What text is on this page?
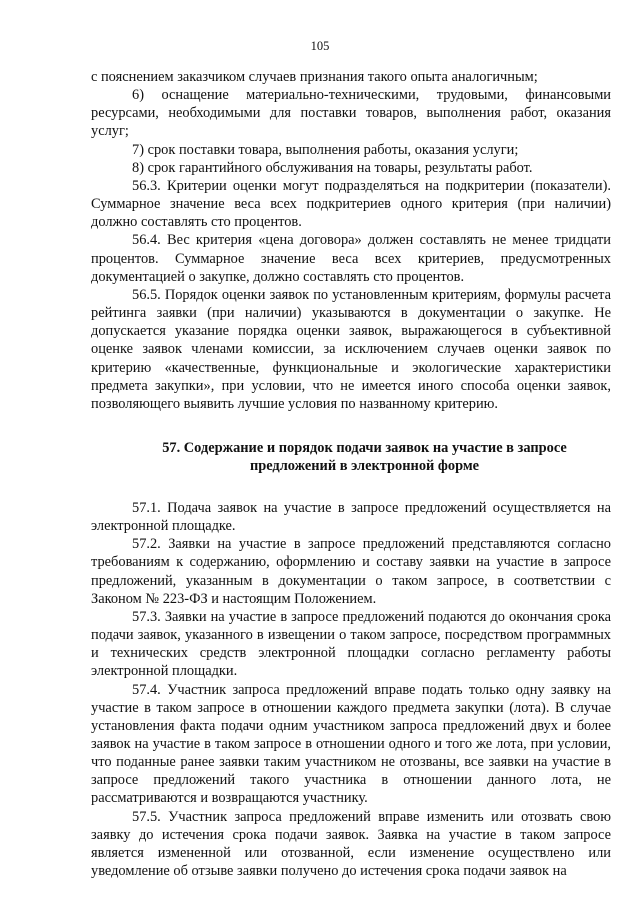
105

с пояснением заказчиком случаев признания такого опыта аналогичным;

6) оснащение материально-техническими, трудовыми, финансовыми ресурсами, необходимыми для поставки товаров, выполнения работ, оказания услуг;

7) срок поставки товара, выполнения работы, оказания услуги;

8) срок гарантийного обслуживания на товары, результаты работ.

56.3. Критерии оценки могут подразделяться на подкритерии (показатели). Суммарное значение веса всех подкритериев одного критерия (при наличии) должно составлять сто процентов.

56.4. Вес критерия «цена договора» должен составлять не менее тридцати процентов. Суммарное значение веса всех критериев, предусмотренных документацией о закупке, должно составлять сто процентов.

56.5. Порядок оценки заявок по установленным критериям, формулы расчета рейтинга заявки (при наличии) указываются в документации о закупке. Не допускается указание порядка оценки заявок, выражающегося в субъективной оценке заявок членами комиссии, за исключением случаев оценки заявок по критерию «качественные, функциональные и экологические характеристики предмета закупки», при условии, что не имеется иного способа оценки заявок, позволяющего выявить лучшие условия по названному критерию.

57. Содержание и порядок подачи заявок на участие в запросе
предложений в электронной форме

57.1. Подача заявок на участие в запросе предложений осуществляется на электронной площадке.

57.2. Заявки на участие в запросе предложений представляются согласно требованиям к содержанию, оформлению и составу заявки на участие в запросе предложений, указанным в документации о таком запросе, в соответствии с Законом № 223-ФЗ и настоящим Положением.

57.3. Заявки на участие в запросе предложений подаются до окончания срока подачи заявок, указанного в извещении о таком запросе, посредством программных и технических средств электронной площадки согласно регламенту работы электронной площадки.

57.4. Участник запроса предложений вправе подать только одну заявку на участие в таком запросе в отношении каждого предмета закупки (лота). В случае установления факта подачи одним участником запроса предложений двух и более заявок на участие в таком запросе в отношении одного и того же лота, при условии, что поданные ранее заявки таким участником не отозваны, все заявки на участие в запросе предложений такого участника в отношении данного лота, не рассматриваются и возвращаются участнику.

57.5. Участник запроса предложений вправе изменить или отозвать свою заявку до истечения срока подачи заявок. Заявка на участие в таком запросе является измененной или отозванной, если изменение осуществлено или уведомление об отзыве заявки получено до истечения срока подачи заявок на
